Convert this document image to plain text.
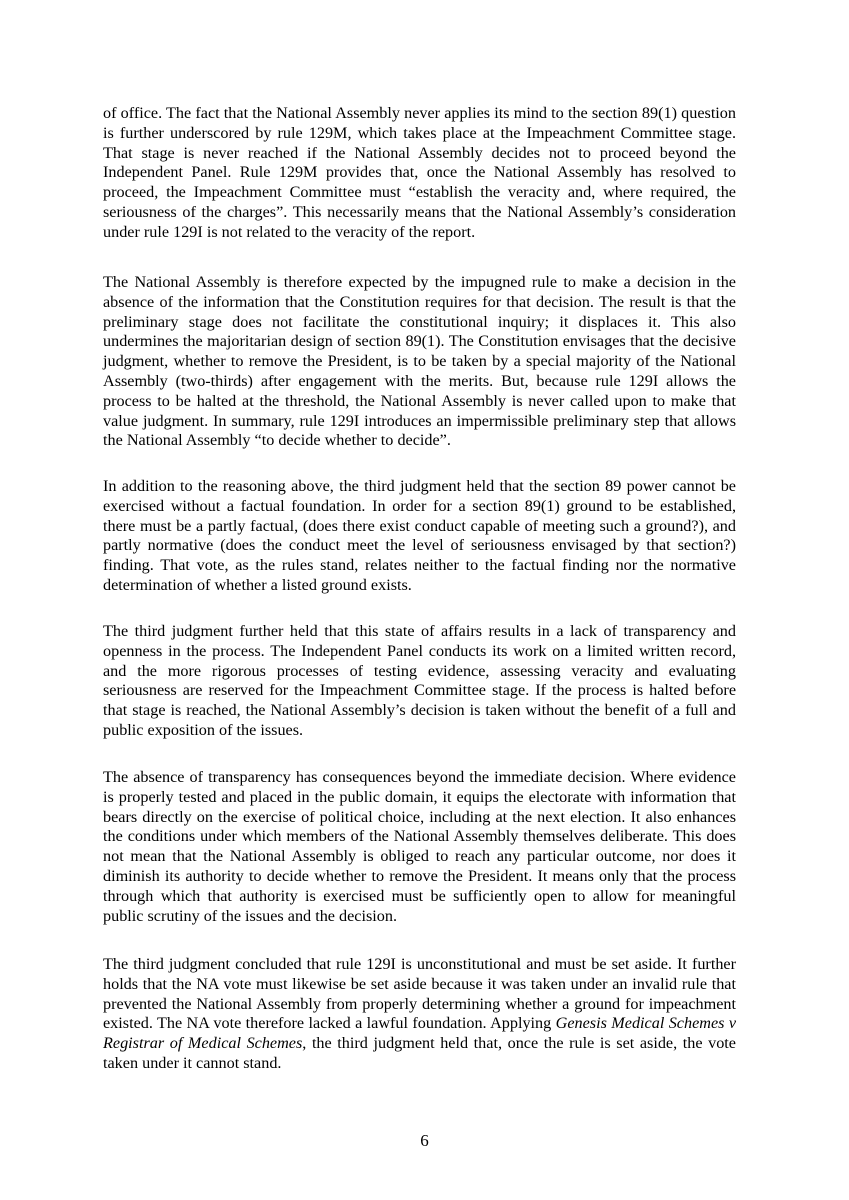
of office. The fact that the National Assembly never applies its mind to the section 89(1) question is further underscored by rule 129M, which takes place at the Impeachment Committee stage. That stage is never reached if the National Assembly decides not to proceed beyond the Independent Panel. Rule 129M provides that, once the National Assembly has resolved to proceed, the Impeachment Committee must “establish the veracity and, where required, the seriousness of the charges”. This necessarily means that the National Assembly’s consideration under rule 129I is not related to the veracity of the report.

The National Assembly is therefore expected by the impugned rule to make a decision in the absence of the information that the Constitution requires for that decision. The result is that the preliminary stage does not facilitate the constitutional inquiry; it displaces it. This also undermines the majoritarian design of section 89(1). The Constitution envisages that the decisive judgment, whether to remove the President, is to be taken by a special majority of the National Assembly (two-thirds) after engagement with the merits. But, because rule 129I allows the process to be halted at the threshold, the National Assembly is never called upon to make that value judgment. In summary, rule 129I introduces an impermissible preliminary step that allows the National Assembly “to decide whether to decide”.

In addition to the reasoning above, the third judgment held that the section 89 power cannot be exercised without a factual foundation. In order for a section 89(1) ground to be established, there must be a partly factual, (does there exist conduct capable of meeting such a ground?), and partly normative (does the conduct meet the level of seriousness envisaged by that section?) finding. That vote, as the rules stand, relates neither to the factual finding nor the normative determination of whether a listed ground exists.

The third judgment further held that this state of affairs results in a lack of transparency and openness in the process. The Independent Panel conducts its work on a limited written record, and the more rigorous processes of testing evidence, assessing veracity and evaluating seriousness are reserved for the Impeachment Committee stage. If the process is halted before that stage is reached, the National Assembly’s decision is taken without the benefit of a full and public exposition of the issues.

The absence of transparency has consequences beyond the immediate decision. Where evidence is properly tested and placed in the public domain, it equips the electorate with information that bears directly on the exercise of political choice, including at the next election. It also enhances the conditions under which members of the National Assembly themselves deliberate. This does not mean that the National Assembly is obliged to reach any particular outcome, nor does it diminish its authority to decide whether to remove the President. It means only that the process through which that authority is exercised must be sufficiently open to allow for meaningful public scrutiny of the issues and the decision.

The third judgment concluded that rule 129I is unconstitutional and must be set aside. It further holds that the NA vote must likewise be set aside because it was taken under an invalid rule that prevented the National Assembly from properly determining whether a ground for impeachment existed. The NA vote therefore lacked a lawful foundation. Applying Genesis Medical Schemes v Registrar of Medical Schemes, the third judgment held that, once the rule is set aside, the vote taken under it cannot stand.

6
